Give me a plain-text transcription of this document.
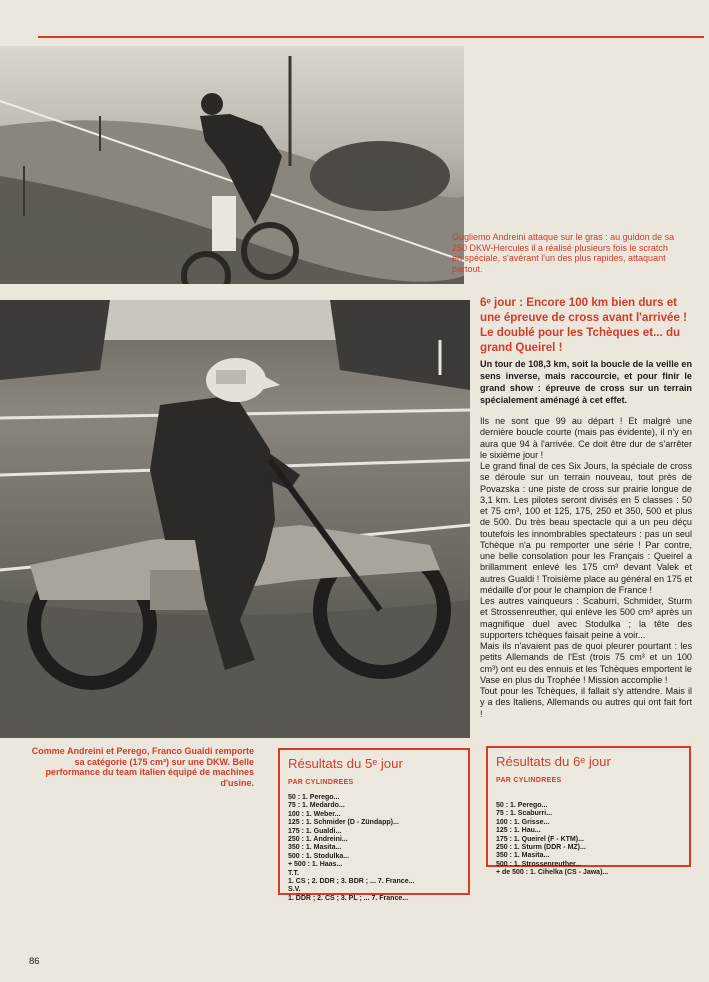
Gugliemo Andreini attaque sur le gras : au guidon de sa 250 DKW-Hercules il a réalisé plusieurs fois le scratch en spéciale, s'avérant l'un des plus rapides, attaquant partout.
Comme Andreini et Perego, Franco Gualdi remporte sa catégorie (175 cm³) sur une DKW. Belle performance du team italien équipé de machines d'usine.
6ᵉ jour : Encore 100 km bien durs et une épreuve de cross avant l'arrivée ! Le doublé pour les Tchèques et... du grand Queirel !
Un tour de 108,3 km, soit la boucle de la veille en sens inverse, mais raccourcie, et pour finir le grand show : épreuve de cross sur un terrain spécialement aménagé à cet effet.

Ils ne sont que 99 au départ ! Et malgré une dernière boucle courte (mais pas évidente), il n'y en aura que 94 à l'arrivée. Ce doit être dur de s'arrêter le sixième jour !

Le grand final de ces Six Jours, la spéciale de cross se déroule sur un terrain nouveau, tout près de Povazska : une piste de cross sur prairie longue de 3,1 km. Les pilotes seront divisés en 5 classes : 50 et 75 cm³, 100 et 125, 175, 250 et 350, 500 et plus de 500. Du très beau spectacle qui a un peu déçu toutefois les innombrables spectateurs : pas un seul Tchèque n'a pu remporter une série ! Par contre, une belle consolation pour les Français : Queirel a brillamment enlevé les 175 cm³ devant Valek et autres Gualdi ! Troisième place au général en 175 et médaille d'or pour le champion de France !

Les autres vainqueurs : Scaburri, Schmider, Sturm et Strossenreuther, qui enlève les 500 cm³ après un magnifique duel avec Stodulka ; la tête des supporters tchèques faisait peine à voir...

Mais ils n'avaient pas de quoi pleurer pourtant : les petits Allemands de l'Est (trois 75 cm³ et un 100 cm³) ont eu des ennuis et les Tchèques emportent le Vase en plus du Trophée ! Mission accomplie !

Tout pour les Tchèques, il fallait s'y attendre. Mais il y a des Italiens, Allemands ou autres qui ont fait fort !

Résultats du 5ᵉ jour
PAR CYLINDREES
50 : 1. Perego...
75 : 1. Medardo...
100 : 1. Weber...
125 : 1. Schmider (D - Zündapp)...
175 : 1. Gualdi...
250 : 1. Andreini...
350 : 1. Masita...
500 : 1. Stodulka...
+ 500 : 1. Haas...
T.T.
1. CS ; 2. DDR ; 3. BDR ; ... 7. France...
S.V.
1. DDR ; 2. CS ; 3. PL ; ... 7. France...
Résultats du 6ᵉ jour
PAR CYLINDREES
50 : 1. Perego...
75 : 1. Scaburri...
100 : 1. Grisse...
125 : 1. Hau...
175 : 1. Queirel (F - KTM)...
250 : 1. Sturm (DDR - MZ)...
350 : 1. Masita...
500 : 1. Strossenreuther...
+ de 500 : 1. Cihelka (CS - Jawa)...
86
